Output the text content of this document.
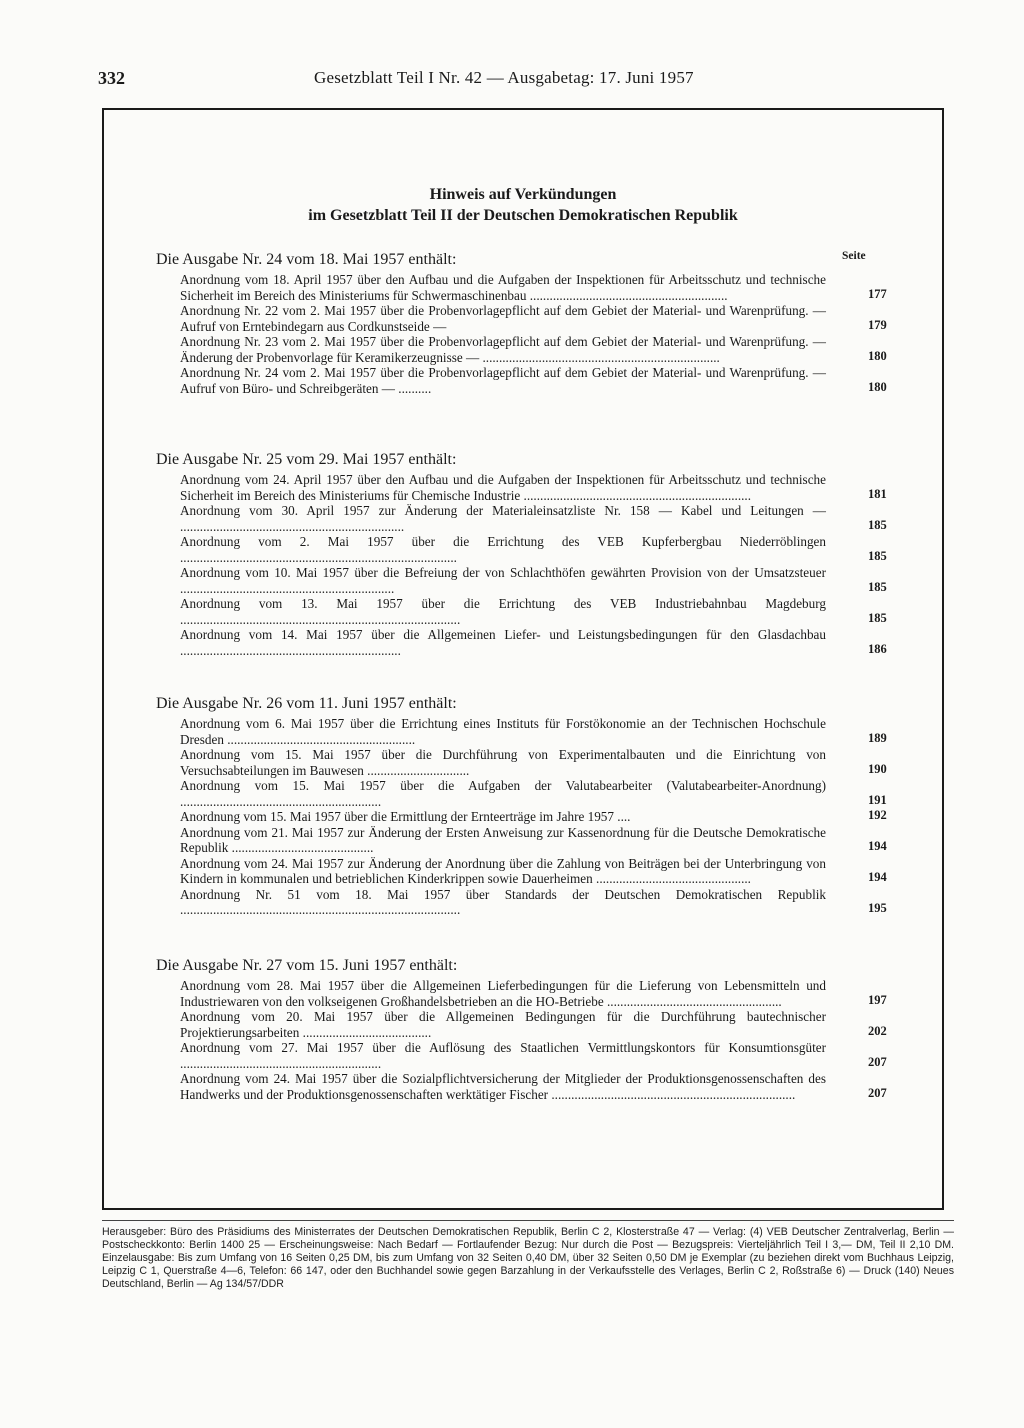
332	Gesetzblatt Teil I Nr. 42 — Ausgabetag: 17. Juni 1957
Hinweis auf Verkündungen
im Gesetzblatt Teil II der Deutschen Demokratischen Republik
Seite
Die Ausgabe Nr. 24 vom 18. Mai 1957 enthält:
Anordnung vom 18. April 1957 über den Aufbau und die Aufgaben der Inspektionen für Arbeitsschutz und technische Sicherheit im Bereich des Ministeriums für Schwermaschinenbau ............................................................	177
Anordnung Nr. 22 vom 2. Mai 1957 über die Probenvorlagepflicht auf dem Gebiet der Material- und Warenprüfung. — Aufruf von Erntebindegarn aus Cordkunstseide —	179
Anordnung Nr. 23 vom 2. Mai 1957 über die Probenvorlagepflicht auf dem Gebiet der Material- und Warenprüfung. — Änderung der Probenvorlage für Keramikerzeugnisse — ........................................................................	180
Anordnung Nr. 24 vom 2. Mai 1957 über die Probenvorlagepflicht auf dem Gebiet der Material- und Warenprüfung. — Aufruf von Büro- und Schreibgeräten — ..........	180
Die Ausgabe Nr. 25 vom 29. Mai 1957 enthält:
Anordnung vom 24. April 1957 über den Aufbau und die Aufgaben der Inspektionen für Arbeitsschutz und technische Sicherheit im Bereich des Ministeriums für Chemische Industrie .....................................................................	181
Anordnung vom 30. April 1957 zur Änderung der Materialeinsatzliste Nr. 158 — Kabel und Leitungen — ....................................................................	185
Anordnung vom 2. Mai 1957 über die Errichtung des VEB Kupferbergbau Niederröblingen ....................................................................................	185
Anordnung vom 10. Mai 1957 über die Befreiung der von Schlachthöfen gewährten Provision von der Umsatzsteuer .................................................................	185
Anordnung vom 13. Mai 1957 über die Errichtung des VEB Industriebahnbau Magdeburg .....................................................................................	185
Anordnung vom 14. Mai 1957 über die Allgemeinen Liefer- und Leistungsbedingungen für den Glasdachbau ...................................................................	186
Die Ausgabe Nr. 26 vom 11. Juni 1957 enthält:
Anordnung vom 6. Mai 1957 über die Errichtung eines Instituts für Forstökonomie an der Technischen Hochschule Dresden .........................................................	189
Anordnung vom 15. Mai 1957 über die Durchführung von Experimentalbauten und die Einrichtung von Versuchsabteilungen im Bauwesen ...............................	190
Anordnung vom 15. Mai 1957 über die Aufgaben der Valutabearbeiter (Valutabearbeiter-Anordnung) .............................................................	191
Anordnung vom 15. Mai 1957 über die Ermittlung der Ernteerträge im Jahre 1957 ....	192
Anordnung vom 21. Mai 1957 zur Änderung der Ersten Anweisung zur Kassenordnung für die Deutsche Demokratische Republik ...........................................	194
Anordnung vom 24. Mai 1957 zur Änderung der Anordnung über die Zahlung von Beiträgen bei der Unterbringung von Kindern in kommunalen und betrieblichen Kinderkrippen sowie Dauerheimen ...............................................	194
Anordnung Nr. 51 vom 18. Mai 1957 über Standards der Deutschen Demokratischen Republik .....................................................................................	195
Die Ausgabe Nr. 27 vom 15. Juni 1957 enthält:
Anordnung vom 28. Mai 1957 über die Allgemeinen Lieferbedingungen für die Lieferung von Lebensmitteln und Industriewaren von den volkseigenen Großhandelsbetrieben an die HO-Betriebe .....................................................	197
Anordnung vom 20. Mai 1957 über die Allgemeinen Bedingungen für die Durchführung bautechnischer Projektierungsarbeiten .......................................	202
Anordnung vom 27. Mai 1957 über die Auflösung des Staatlichen Vermittlungskontors für Konsumtionsgüter .............................................................	207
Anordnung vom 24. Mai 1957 über die Sozialpflichtversicherung der Mitglieder der Produktionsgenossenschaften des Handwerks und der Produktionsgenossenschaften werktätiger Fischer ..........................................................................	207
Herausgeber: Büro des Präsidiums des Ministerrates der Deutschen Demokratischen Republik, Berlin C 2, Klosterstraße 47 — Verlag: (4) VEB Deutscher Zentralverlag, Berlin — Postscheckkonto: Berlin 1400 25 — Erscheinungsweise: Nach Bedarf — Fortlaufender Bezug: Nur durch die Post — Bezugspreis: Vierteljährlich Teil I 3,— DM, Teil II 2,10 DM. Einzelausgabe: Bis zum Umfang von 16 Seiten 0,25 DM, bis zum Umfang von 32 Seiten 0,40 DM, über 32 Seiten 0,50 DM je Exemplar (zu beziehen direkt vom Buchhaus Leipzig, Leipzig C 1, Querstraße 4—6, Telefon: 66 147, oder den Buchhandel sowie gegen Barzahlung in der Verkaufsstelle des Verlages, Berlin C 2, Roßstraße 6) — Druck (140) Neues Deutschland, Berlin — Ag 134/57/DDR
